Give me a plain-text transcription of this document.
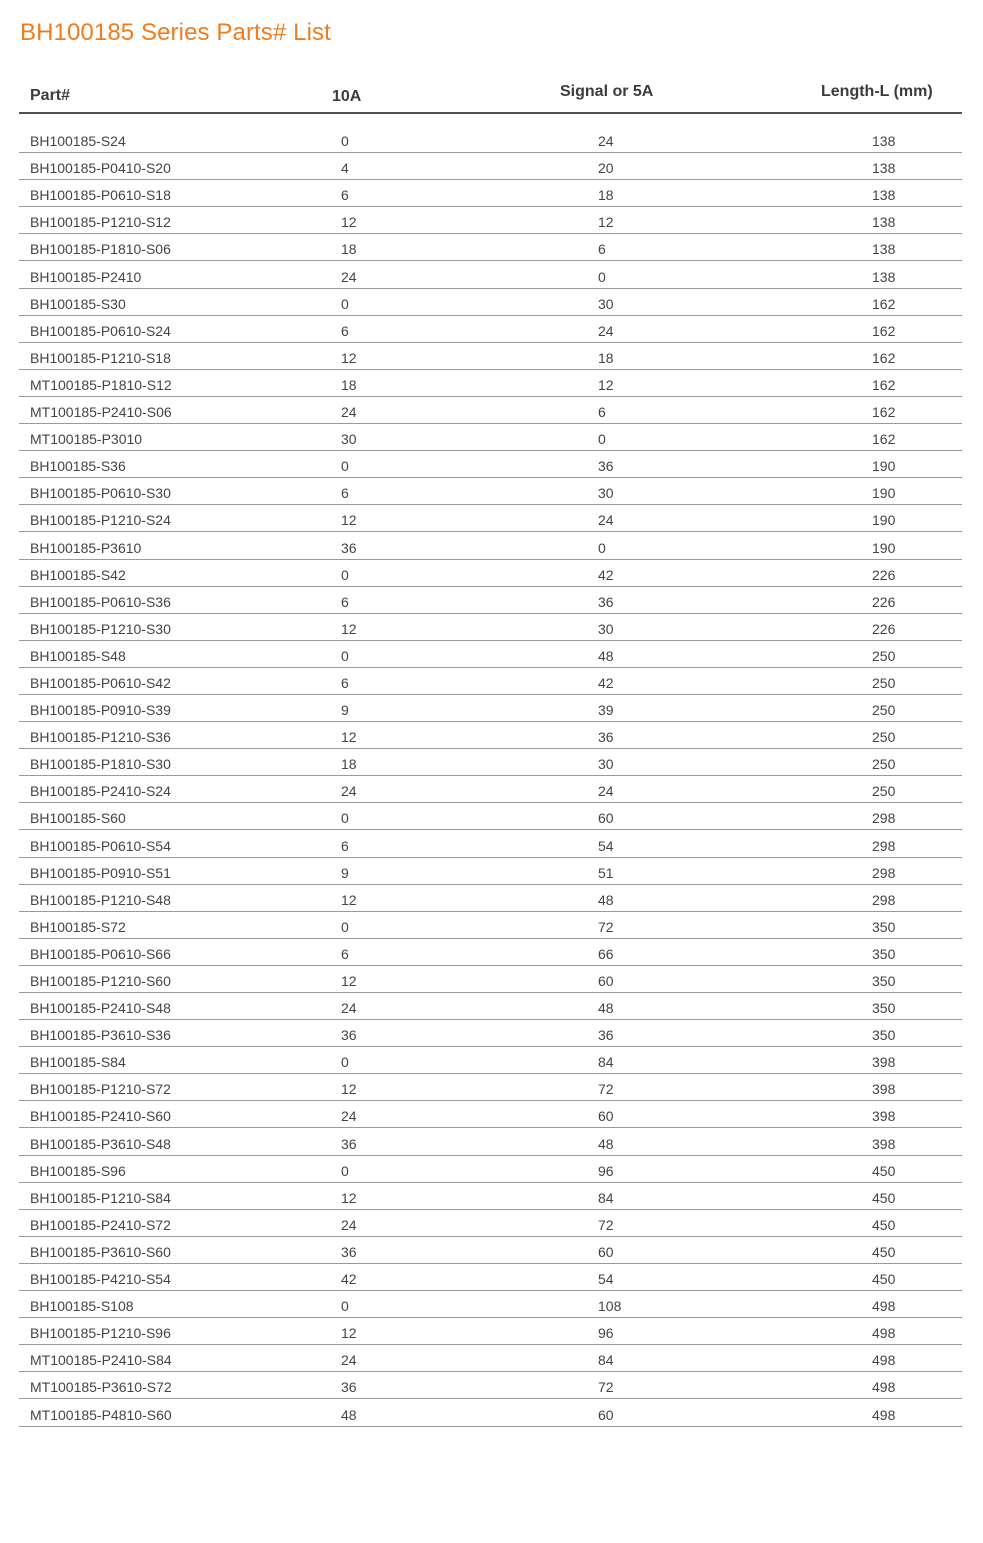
BH100185 Series Parts# List
Part#	10A	Signal or 5A	Length-L (mm)
BH100185-S24	0	24	138
BH100185-P0410-S20	4	20	138
BH100185-P0610-S18	6	18	138
BH100185-P1210-S12	12	12	138
BH100185-P1810-S06	18	6	138
BH100185-P2410	24	0	138
BH100185-S30	0	30	162
BH100185-P0610-S24	6	24	162
BH100185-P1210-S18	12	18	162
MT100185-P1810-S12	18	12	162
MT100185-P2410-S06	24	6	162
MT100185-P3010	30	0	162
BH100185-S36	0	36	190
BH100185-P0610-S30	6	30	190
BH100185-P1210-S24	12	24	190
BH100185-P3610	36	0	190
BH100185-S42	0	42	226
BH100185-P0610-S36	6	36	226
BH100185-P1210-S30	12	30	226
BH100185-S48	0	48	250
BH100185-P0610-S42	6	42	250
BH100185-P0910-S39	9	39	250
BH100185-P1210-S36	12	36	250
BH100185-P1810-S30	18	30	250
BH100185-P2410-S24	24	24	250
BH100185-S60	0	60	298
BH100185-P0610-S54	6	54	298
BH100185-P0910-S51	9	51	298
BH100185-P1210-S48	12	48	298
BH100185-S72	0	72	350
BH100185-P0610-S66	6	66	350
BH100185-P1210-S60	12	60	350
BH100185-P2410-S48	24	48	350
BH100185-P3610-S36	36	36	350
BH100185-S84	0	84	398
BH100185-P1210-S72	12	72	398
BH100185-P2410-S60	24	60	398
BH100185-P3610-S48	36	48	398
BH100185-S96	0	96	450
BH100185-P1210-S84	12	84	450
BH100185-P2410-S72	24	72	450
BH100185-P3610-S60	36	60	450
BH100185-P4210-S54	42	54	450
BH100185-S108	0	108	498
BH100185-P1210-S96	12	96	498
MT100185-P2410-S84	24	84	498
MT100185-P3610-S72	36	72	498
MT100185-P4810-S60	48	60	498
